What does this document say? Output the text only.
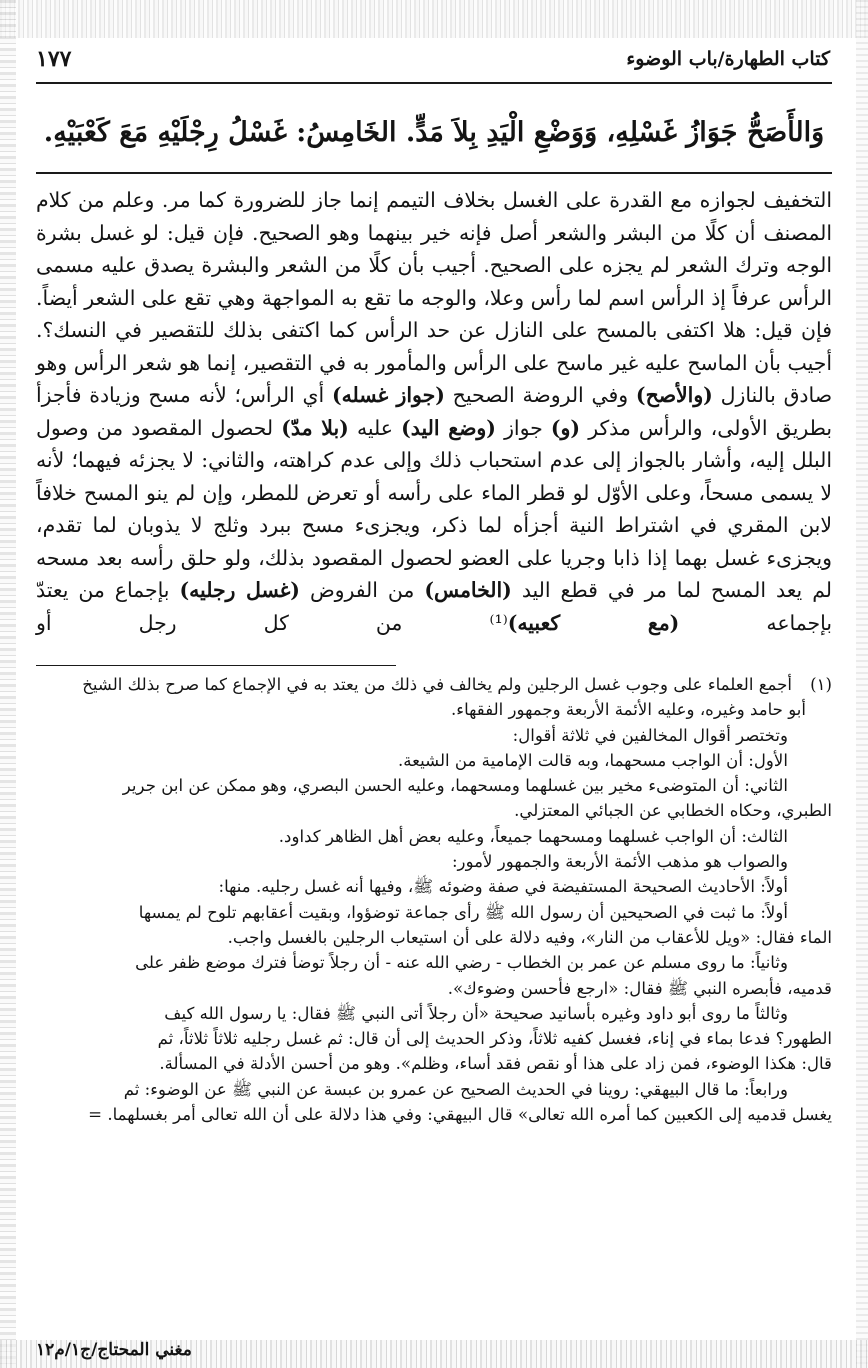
كتاب الطهارة/باب الوضوء
١٧٧
وَالأَصَحُّ جَوَازُ غَسْلِهِ، وَوَضْعِ الْيَدِ بِلاَ مَدٍّ. الخَامِسُ: غَسْلُ رِجْلَيْهِ مَعَ كَعْبَيْهِ.

التخفيف لجوازه مع القدرة على الغسل بخلاف التيمم إنما جاز للضرورة كما مر. وعلم من كلام المصنف أن كلًا من البشر والشعر أصل فإنه خير بينهما وهو الصحيح. فإن قيل: لو غسل بشرة الوجه وترك الشعر لم يجزه على الصحيح. أجيب بأن كلًا من الشعر والبشرة يصدق عليه مسمى الرأس عرفاً إذ الرأس اسم لما رأس وعلا، والوجه ما تقع به المواجهة وهي تقع على الشعر أيضاً. فإن قيل: هلا اكتفى بالمسح على النازل عن حد الرأس كما اكتفى بذلك للتقصير في النسك؟. أجيب بأن الماسح عليه غير ماسح على الرأس والمأمور به في التقصير، إنما هو شعر الرأس وهو صادق بالنازل (والأصح) وفي الروضة الصحيح (جواز غسله) أي الرأس؛ لأنه مسح وزيادة فأجزأ بطريق الأولى، والرأس مذكر (و) جواز (وضع اليد) عليه (بلا مدّ) لحصول المقصود من وصول البلل إليه، وأشار بالجواز إلى عدم استحباب ذلك وإلى عدم كراهته، والثاني: لا يجزئه فيهما؛ لأنه لا يسمى مسحاً، وعلى الأوّل لو قطر الماء على رأسه أو تعرض للمطر، وإن لم ينو المسح خلافاً لابن المقري في اشتراط النية أجزأه لما ذكر، ويجزىء مسح ببرد وثلج لا يذوبان لما تقدم، ويجزىء غسل بهما إذا ذابا وجريا على العضو لحصول المقصود بذلك، ولو حلق رأسه بعد مسحه لم يعد المسح لما مر في قطع اليد (الخامس) من الفروض (غسل رجليه) بإجماع من يعتدّ بإجماعه (مع كعبيه)⁽¹⁾ من كل رجل أو

(١)أجمع العلماء على وجوب غسل الرجلين ولم يخالف في ذلك من يعتد به في الإجماع كما صرح بذلك الشيخ

أبو حامد وغيره، وعليه الأئمة الأربعة وجمهور الفقهاء.

وتختصر أقوال المخالفين في ثلاثة أقوال:

الأول: أن الواجب مسحهما، وبه قالت الإمامية من الشيعة.

الثاني: أن المتوضىء مخير بين غسلهما ومسحهما، وعليه الحسن البصري، وهو ممكن عن ابن جرير

الطبري، وحكاه الخطابي عن الجبائي المعتزلي.

الثالث: أن الواجب غسلهما ومسحهما جميعاً، وعليه بعض أهل الظاهر كداود.

والصواب هو مذهب الأئمة الأربعة والجمهور لأمور:

أولاً: الأحاديث الصحيحة المستفيضة في صفة وضوئه ﷺ، وفيها أنه غسل رجليه. منها:

أولاً: ما ثبت في الصحيحين أن رسول الله ﷺ رأى جماعة توضؤوا، وبقيت أعقابهم تلوح لم يمسها

الماء فقال: «ويل للأعقاب من النار»، وفيه دلالة على أن استيعاب الرجلين بالغسل واجب.

وثانياً: ما روى مسلم عن عمر بن الخطاب - رضي الله عنه - أن رجلاً توضأ فترك موضع ظفر على

قدميه، فأبصره النبي ﷺ فقال: «ارجع فأحسن وضوءك».

وثالثاً ما روى أبو داود وغيره بأسانيد صحيحة «أن رجلاً أتى النبي ﷺ فقال: يا رسول الله كيف

الطهور؟ فدعا بماء في إناء، فغسل كفيه ثلاثاً، وذكر الحديث إلى أن قال: ثم غسل رجليه ثلاثاً ثلاثاً، ثم

قال: هكذا الوضوء، فمن زاد على هذا أو نقص فقد أساء، وظلم». وهو من أحسن الأدلة في المسألة.

ورابعاً: ما قال البيهقي: روينا في الحديث الصحيح عن عمرو بن عبسة عن النبي ﷺ عن الوضوء: ثم

يغسل قدميه إلى الكعبين كما أمره الله تعالى» قال البيهقي: وفي هذا دلالة على أن الله تعالى أمر بغسلهما. =

مغني المحتاج/ج١/م١٢
